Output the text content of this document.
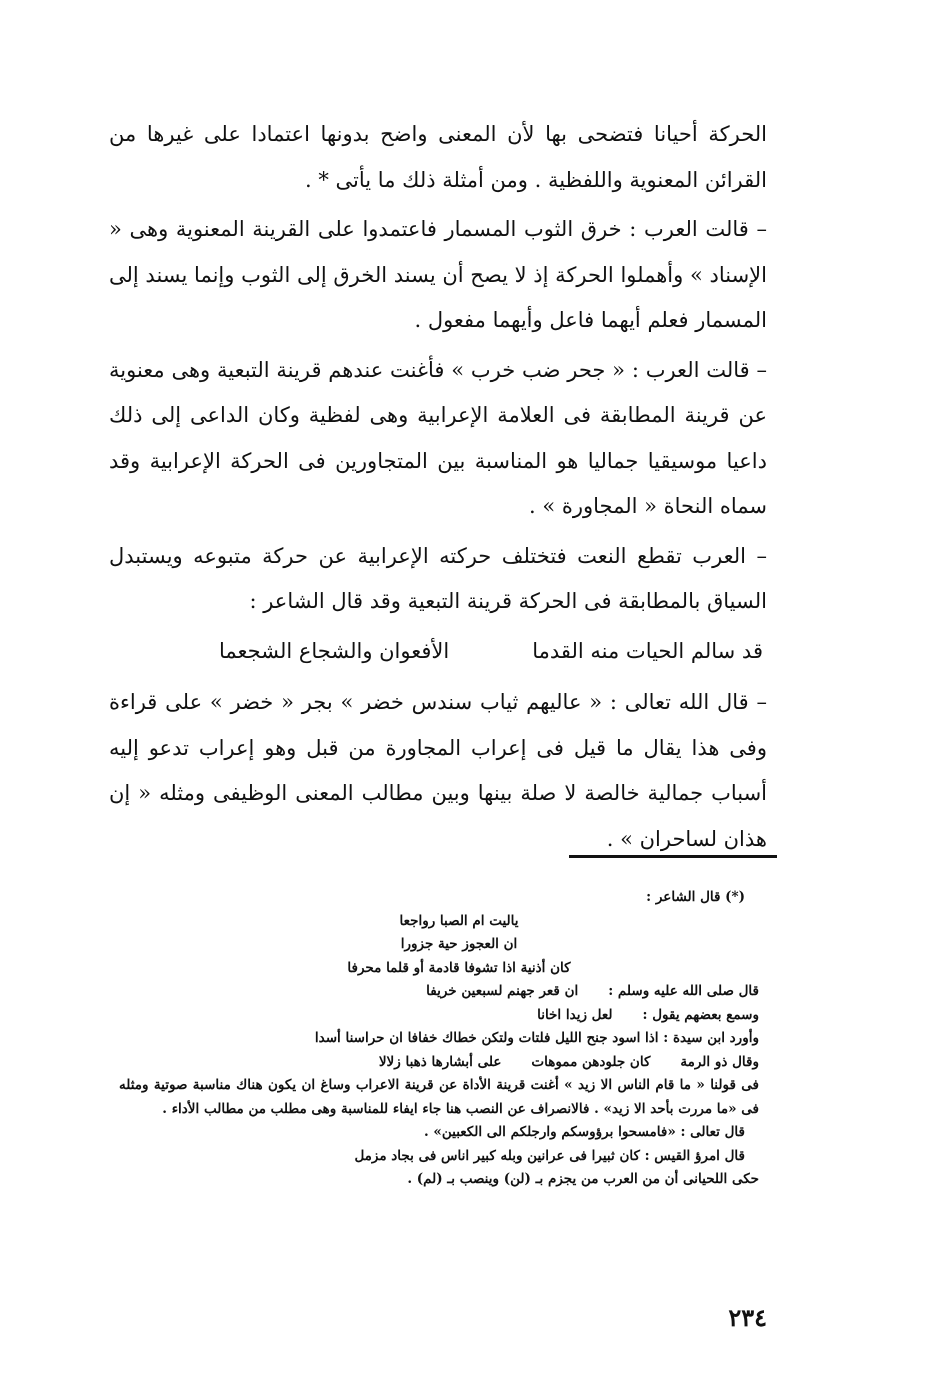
الحركة أحيانا فتضحى بها لأن المعنى واضح بدونها اعتمادا على غيرها من القرائن المعنوية واللفظية . ومن أمثلة ذلك ما يأتى * .

– قالت العرب : خرق الثوب المسمار فاعتمدوا على القرينة المعنوية وهى « الإسناد » وأهملوا الحركة إذ لا يصح أن يسند الخرق إلى الثوب وإنما يسند إلى المسمار فعلم أيهما فاعل وأيهما مفعول .

– قالت العرب : « جحر ضب خرب » فأغنت عندهم قرينة التبعية وهى معنوية عن قرينة المطابقة فى العلامة الإعرابية وهى لفظية وكان الداعى إلى ذلك داعيا موسيقيا جماليا هو المناسبة بين المتجاورين فى الحركة الإعرابية وقد سماه النحاة « المجاورة » .

– العرب تقطع النعت فتختلف حركته الإعرابية عن حركة متبوعه ويستبدل السياق بالمطابقة فى الحركة قرينة التبعية وقد قال الشاعر :

قد سالم الحيات منه القدما
الأفعوان والشجاع الشجعما

– قال الله تعالى : « عاليهم ثياب سندس خضر » بجر « خضر » على قراءة وفى هذا يقال ما قيل فى إعراب المجاورة من قبل وهو إعراب تدعو إليه أسباب جمالية خالصة لا صلة بينها وبين مطالب المعنى الوظيفى ومثله « إن هذان لساحران » .

(*) قال الشاعر :
ياليت ام الصبا رواجعا
ان العجوز حية جزورا
كان أذنية اذا تشوفا قادمة أو قلما محرفا
قال صلى الله عليه وسلم :
ان قعر جهنم لسبعين خريفا
وسمع بعضهم يقول :
لعل زيدا اخانا
وأورد ابن سيدة : اذا اسود جنح الليل فلتات ولتكن خطاك خفافا ان حراسنا أسدا
وقال ذو الرمة
كان جلودهن مموهات
على أبشارها ذهبا زلالا
فى قولنا « ما قام الناس الا زيد » أغنت قرينة الأداة عن قرينة الاعراب وساغ ان يكون هناك مناسبة صوتية ومثله فى «ما مررت بأحد الا زيد» . فالانصراف عن النصب هنا جاء ايفاء للمناسبة وهى مطلب من مطالب الأداء .
قال تعالى : «فامسحوا برؤوسكم وارجلكم الى الكعبين» .
قال امرؤ القيس : كان ثبيرا فى عرانين وبله كبير اناس فى بجاد مزمل
حكى اللحيانى أن من العرب من يجزم بـ (لن) وينصب بـ (لم) .
٢٣٤
